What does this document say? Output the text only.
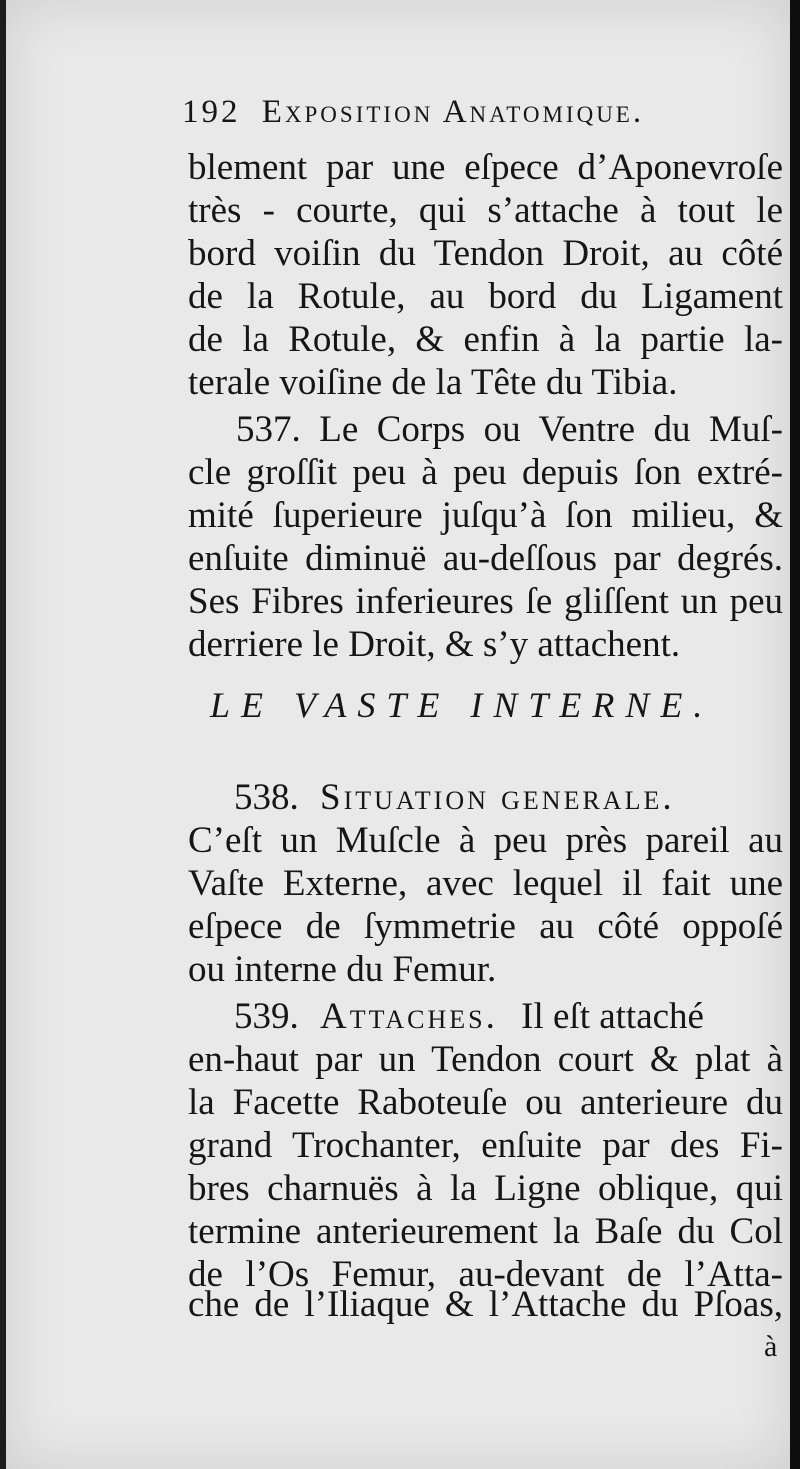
192 Exposition Anatomique.
blement par une eſpece d’Aponevroſe
très - courte, qui s’attache à tout le
bord voiſin du Tendon Droit, au côté
de la Rotule, au bord du Ligament
de la Rotule, & enfin à la partie la-
terale voiſine de la Tête du Tibia.
537. Le Corps ou Ventre du Muſ-
cle groſſit peu à peu depuis ſon extré-
mité ſuperieure juſqu’à ſon milieu, &
enſuite diminuë au-deſſous par degrés.
Ses Fibres inferieures ſe gliſſent un peu
derriere le Droit, & s’y attachent.
LE VASTE INTERNE.
538. Situation generale.
C’eſt un Muſcle à peu près pareil au
Vaſte Externe, avec lequel il fait une
eſpece de ſymmetrie au côté oppoſé
ou interne du Femur.
539. Attaches. Il eſt attaché
en-haut par un Tendon court & plat à
la Facette Raboteuſe ou anterieure du
grand Trochanter, enſuite par des Fi-
bres charnuës à la Ligne oblique, qui
termine anterieurement la Baſe du Col
de l’Os Femur, au-devant de l’Atta-
che de l’Iliaque & l’Attache du Pſoas,
à
